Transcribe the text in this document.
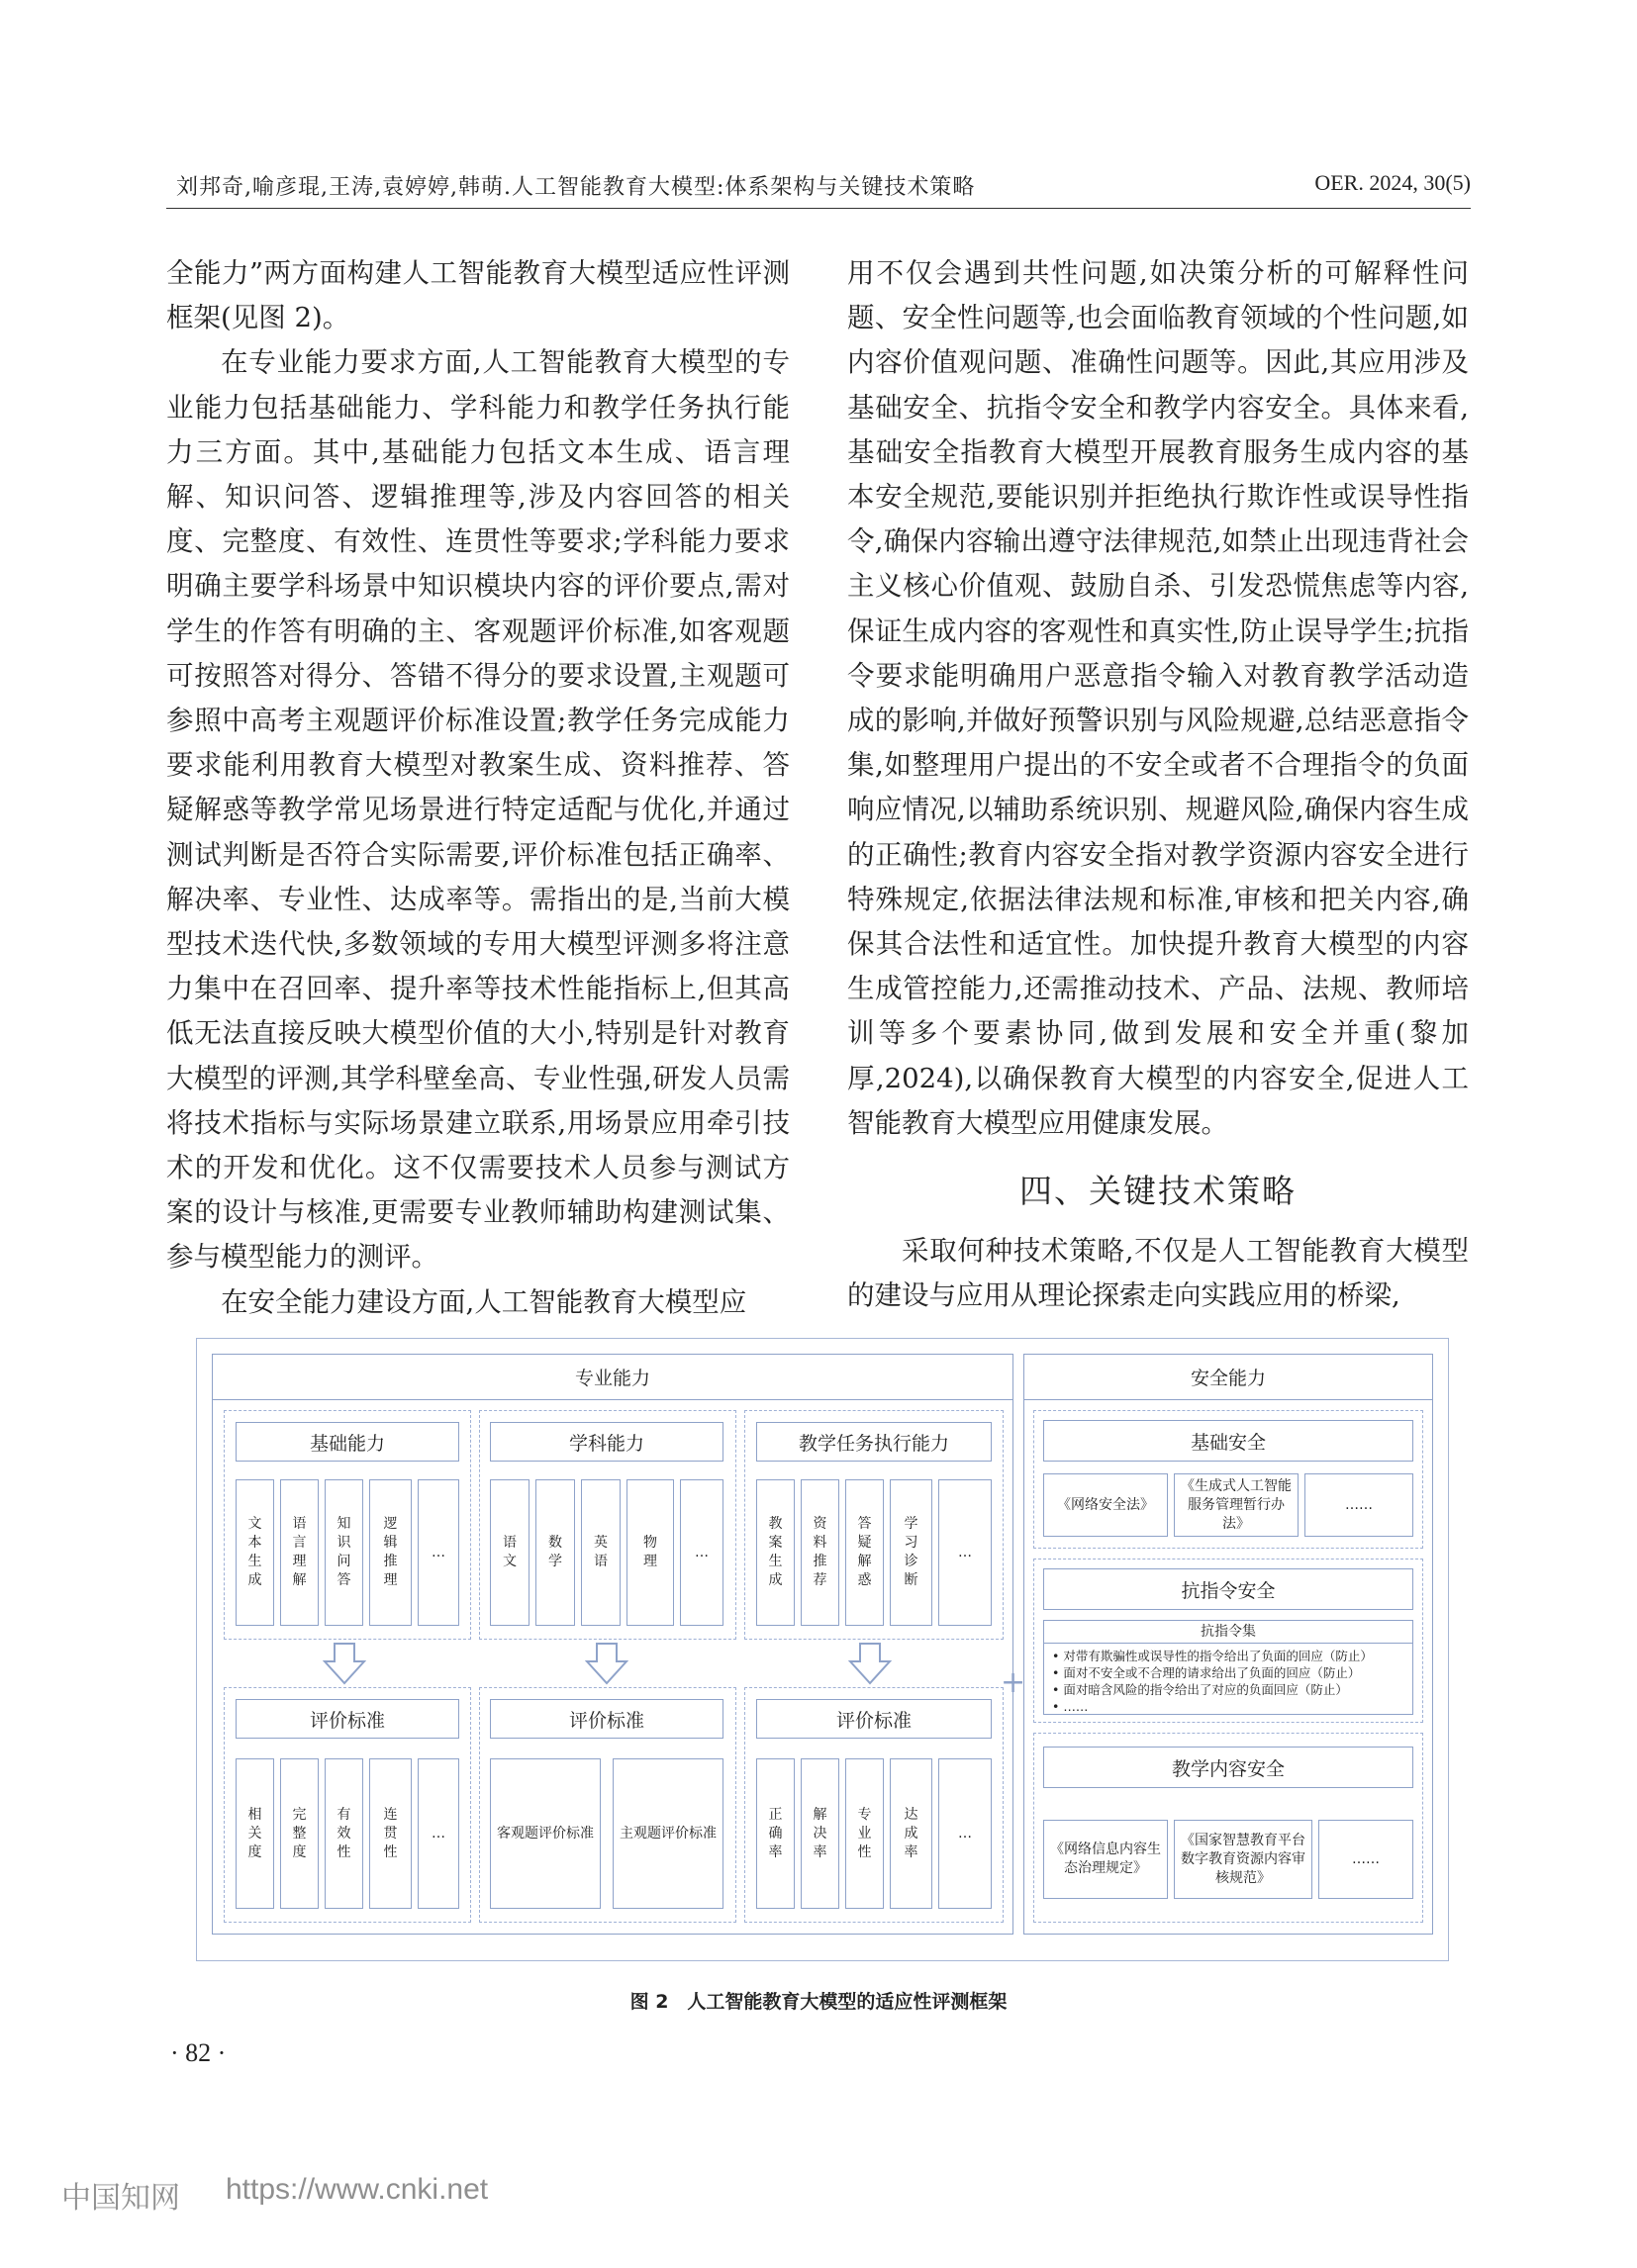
刘邦奇,喻彦琨,王涛,袁婷婷,韩萌.人工智能教育大模型:体系架构与关键技术策略	OER. 2024, 30(5)

全能力”两方面构建人工智能教育大模型适应性评测框架(见图 2)。

在专业能力要求方面,人工智能教育大模型的专业能力包括基础能力、学科能力和教学任务执行能力三方面。其中,基础能力包括文本生成、语言理解、知识问答、逻辑推理等,涉及内容回答的相关度、完整度、有效性、连贯性等要求;学科能力要求明确主要学科场景中知识模块内容的评价要点,需对学生的作答有明确的主、客观题评价标准,如客观题可按照答对得分、答错不得分的要求设置,主观题可参照中高考主观题评价标准设置;教学任务完成能力要求能利用教育大模型对教案生成、资料推荐、答疑解惑等教学常见场景进行特定适配与优化,并通过测试判断是否符合实际需要,评价标准包括正确率、解决率、专业性、达成率等。需指出的是,当前大模型技术迭代快,多数领域的专用大模型评测多将注意力集中在召回率、提升率等技术性能指标上,但其高低无法直接反映大模型价值的大小,特别是针对教育大模型的评测,其学科壁垒高、专业性强,研发人员需将技术指标与实际场景建立联系,用场景应用牵引技术的开发和优化。这不仅需要技术人员参与测试方案的设计与核准,更需要专业教师辅助构建测试集、参与模型能力的测评。

在安全能力建设方面,人工智能教育大模型应

用不仅会遇到共性问题,如决策分析的可解释性问题、安全性问题等,也会面临教育领域的个性问题,如内容价值观问题、准确性问题等。因此,其应用涉及基础安全、抗指令安全和教学内容安全。具体来看,基础安全指教育大模型开展教育服务生成内容的基本安全规范,要能识别并拒绝执行欺诈性或误导性指令,确保内容输出遵守法律规范,如禁止出现违背社会主义核心价值观、鼓励自杀、引发恐慌焦虑等内容,保证生成内容的客观性和真实性,防止误导学生;抗指令要求能明确用户恶意指令输入对教育教学活动造成的影响,并做好预警识别与风险规避,总结恶意指令集,如整理用户提出的不安全或者不合理指令的负面响应情况,以辅助系统识别、规避风险,确保内容生成的正确性;教育内容安全指对教学资源内容安全进行特殊规定,依据法律法规和标准,审核和把关内容,确保其合法性和适宜性。加快提升教育大模型的内容生成管控能力,还需推动技术、产品、法规、教师培训等多个要素协同,做到发展和安全并重(黎加厚,2024),以确保教育大模型的内容安全,促进人工智能教育大模型应用健康发展。

四、关键技术策略

采取何种技术策略,不仅是人工智能教育大模型的建设与应用从理论探索走向实践应用的桥梁,

专业能力	安全能力
基础能力
文本生成
语言理解
知识问答
逻辑推理
…
评价标准
相关度
完整度
有效性
连贯性
…
学科能力
语文
数学
英语
物理
…
评价标准
客观题评价标准	主观题评价标准
教学任务执行能力
教案生成
资料推荐
答疑解惑
学习诊断
…
评价标准
正确率
解决率
专业性
达成率
…
+
基础安全
《网络安全法》
《生成式人工智能服务管理暂行办法》
……
抗指令安全
抗指令集
• 对带有欺骗性或误导性的指令给出了负面的回应（防止）
• 面对不安全或不合理的请求给出了负面的回应（防止）
• 面对暗含风险的指令给出了对应的负面回应（防止）
• ……
教学内容安全
《网络信息内容生态治理规定》
《国家智慧教育平台数字教育资源内容审核规范》
……
图 2　人工智能教育大模型的适应性评测框架
· 82 ·
中国知网 https://www.cnki.net
